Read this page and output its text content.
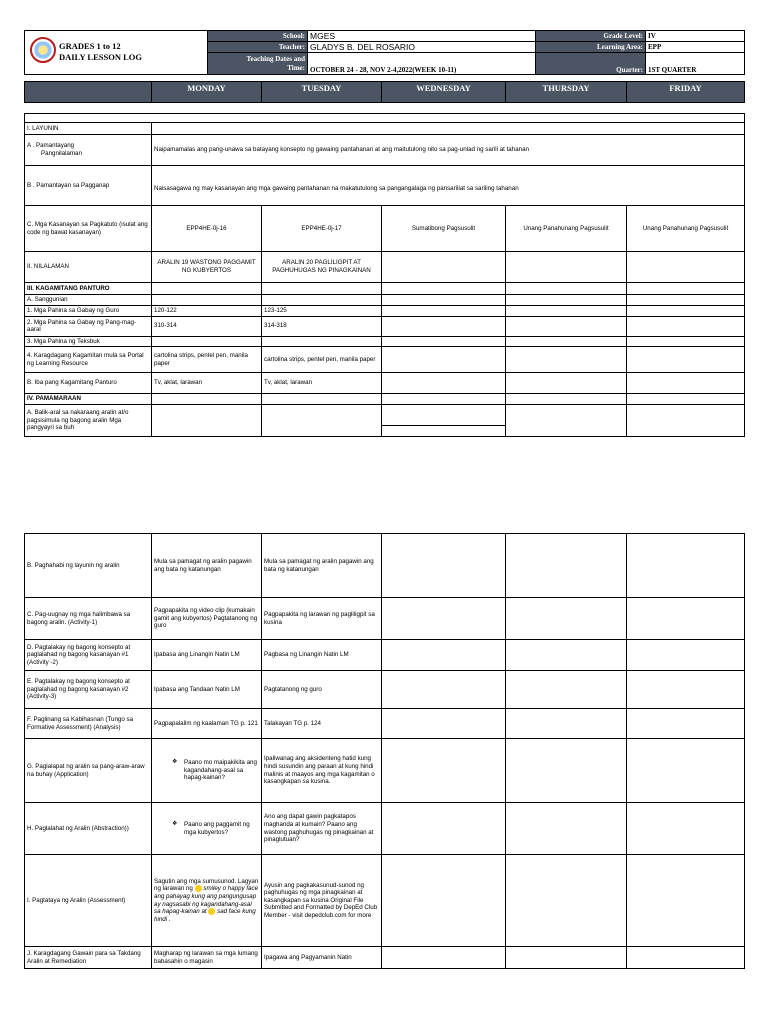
GRADES 1 to 12
DAILY LESSON LOG	School:	MGES	Grade Level:	IV
	Teacher:	GLADYS B. DEL ROSARIO	Learning Area:	EPP

	Teaching Dates and
Time:	OCTOBER 24 - 28, NOV 2-4,2022(WEEK 10-11)	Quarter:	1ST QUARTER
	MONDAY	TUESDAY	WEDNESDAY	THURSDAY	FRIDAY

I. LAYUNIN					

A . Pamantayang
Pangnilalaman	Naipamamalas ang pang-unawa sa batayang konsepto ng gawaing pantahanan at ang maitutulong nito sa pag-unlad ng sarili at tahanan				
B . Pamantayan sa Pagganap	Naisasagawa ng may kasanayan ang mga gawaing pantahanan na makatutulong sa pangangalaga ng pansariliat sa sariling tahanan				
C. Mga Kasanayan sa Pagkatuto (isulat ang code ng bawat kasanayan)	EPP4HE-0j-16	EPP4HE-0j-17	Sumatibong Pagsusulit	Unang Panahunang Pagsusulit	Unang Panahunang Pagsusulit
II. NILALAMAN	ARALIN 19 WASTONG PAGGAMIT NG KUBYERTOS	ARALIN 20 PAGLILIGPIT AT PAGHUHUGAS NG PINAGKAINAN			
III. KAGAMITANG PANTURO					
A. Sanggunian					
1. Mga Pahina sa Gabay ng Guro	120-122	123-125			
2. Mga Pahina sa Gabay ng Pang-mag-aaral	310-314	314-318			
3. Mga Pahina ng Teksbuk					
4. Karagdagang Kagamitan mula sa Portal ng Learning Resource	cartolina strips, pentel pen, manila paper	cartolina strips, pentel pen, manila paper			
B. Iba pang Kagamitang Panturo	Tv, aklat, larawan	Tv, aklat, larawan			
IV. PAMAMARAAN					
A. Balik-aral sa nakaraang aralin at/o pagsisimula ng bagong aralin Mga pangyayri sa buh			

B. Paghahabi ng layunin ng aralin	Mula sa pamagat ng aralin pagawin ang bata ng katanungan	Mula sa pamagat ng aralin pagawin ang bata ng katanungan			
C. Pag-uugnay ng mga halimbawa sa bagong aralin. (Activity-1)	Pagpapakita ng video clip (kumakain gamit ang kubyertos) Pagtatanong ng guro	Pagpapakita ng larawan ng pagliligpit sa kusina			
D. Pagtalakay ng bagong konsepto at paglalahad ng bagong kasanayan #1 (Activity -2)	Ipabasa ang Linangin Natin LM	Pagbasa ng Linangin Natin LM			
E. Pagtalakay ng bagong konsepto at paglalahad ng bagong kasanayan #2 (Activity-3)	Ipabasa ang Tandaan Natin LM	Pagtatanong ng guro			
F. Paglinang sa Kabihasnan (Tungo sa Formative Assessment) (Analysis)	Pagpapalalim ng kaalaman TG p. 121	Talakayan TG p. 124			
G. Paglalapat ng aralin sa pang-araw-araw na buhay (Application)	❖ Paano mo maipakikita ang kagandahang-asal sa hapag-kainan?	Ipaliwanag ang aksidenteng hatid kung hindi susundin ang paraan at kung hindi malinis at maayos ang mga kagamitan o kasangkapan sa kusina.			
H. Paglalahat ng Aralin (Abstraction))	❖ Paano ang paggamit ng mga kubyertos?	Ano ang dapat gawin pagkatapos maghanda at kumain? Paano ang wastong paghuhugas ng pinagkainan at pinaglutuan?			
I. Pagtataya ng Aralin (Assessment)	Sagutin ang mga sumusunod. Lagyan ng larawan ng smiley o happy face ang pahayag kung ang pangungusap ay nagsasabi ng kagandahang-asal sa hapag-kainan at sad face kung hindi .	Ayusin ang pagkakasunud-sunod ng paghuhugas ng mga pinagkainan at kasangkapan sa kusina Original File Submitted and Formatted by DepEd Club Member - visit depedclub.com for more			
J. Karagdagang Gawain para sa Takdang Aralin at Remediation	Magharap ng larawan sa mga lumang babasahin o magasin	Ipagawa ang Pagyamanin Natin			
